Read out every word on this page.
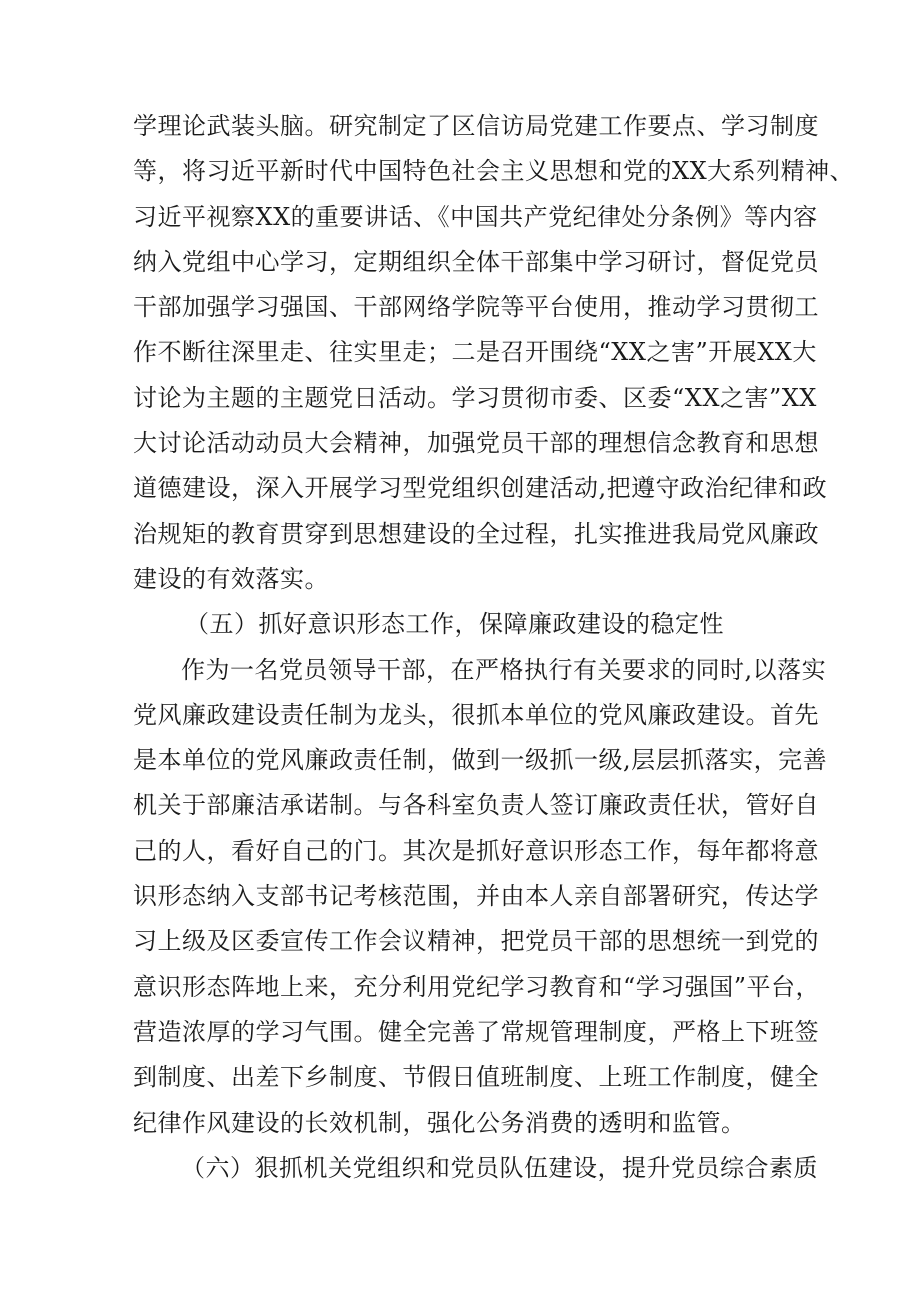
学理论武装头脑。研究制定了区信访局党建工作要点、学习制度
等，将习近平新时代中国特色社会主义思想和党的XX大系列精神、
习近平视察XX的重要讲话、《中国共产党纪律处分条例》等内容
纳入党组中心学习，定期组织全体干部集中学习研讨，督促党员
干部加强学习强国、干部网络学院等平台使用，推动学习贯彻工
作不断往深里走、往实里走；二是召开围绕“XX之害”开展XX大
讨论为主题的主题党日活动。学习贯彻市委、区委“XX之害”XX
大讨论活动动员大会精神，加强党员干部的理想信念教育和思想
道德建设，深入开展学习型党组织创建活动,把遵守政治纪律和政
治规矩的教育贯穿到思想建设的全过程，扎实推进我局党风廉政
建设的有效落实。
（五）抓好意识形态工作，保障廉政建设的稳定性
作为一名党员领导干部，在严格执行有关要求的同时,以落实
党风廉政建设责任制为龙头，很抓本单位的党风廉政建设。首先
是本单位的党风廉政责任制，做到一级抓一级,层层抓落实，完善
机关于部廉洁承诺制。与各科室负责人签订廉政责任状，管好自
己的人，看好自己的门。其次是抓好意识形态工作，每年都将意
识形态纳入支部书记考核范围，并由本人亲自部署研究，传达学
习上级及区委宣传工作会议精神，把党员干部的思想统一到党的
意识形态阵地上来，充分利用党纪学习教育和“学习强国”平台，
营造浓厚的学习气围。健全完善了常规管理制度，严格上下班签
到制度、出差下乡制度、节假日值班制度、上班工作制度，健全
纪律作风建设的长效机制，强化公务消费的透明和监管。
（六）狠抓机关党组织和党员队伍建设，提升党员综合素质
